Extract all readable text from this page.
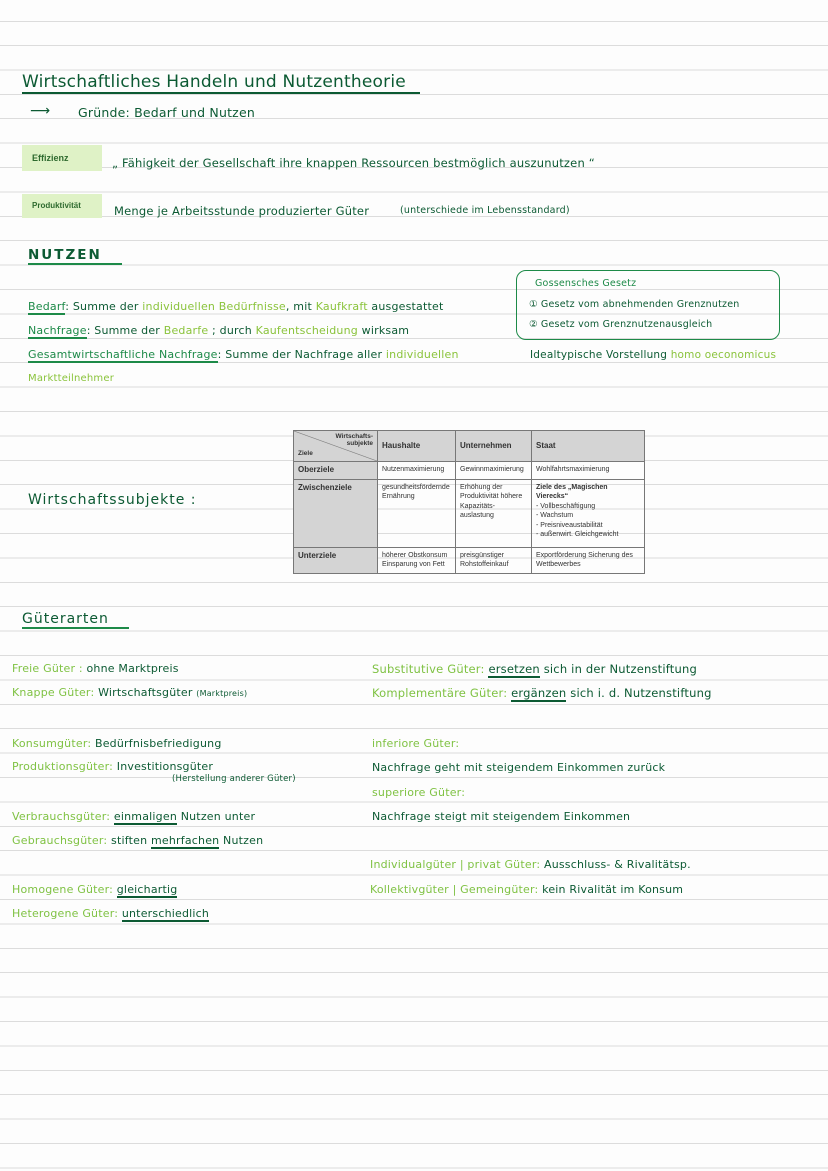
Wirtschaftliches Handeln und Nutzentheorie
⟶ Gründe: Bedarf und Nutzen
Effizienz	„ Fähigkeit der Gesellschaft ihre knappen Ressourcen bestmöglich auszunutzen “
Produktivität	Menge je Arbeitsstunde produzierter Güter	(unterschiede im Lebensstandard)
NUTZEN
Gossensches Gesetz
① Gesetz vom abnehmenden Grenznutzen
② Gesetz vom Grenznutzenausgleich
Bedarf: Summe der individuellen Bedürfnisse, mit Kaufkraft ausgestattet
Nachfrage: Summe der Bedarfe ; durch Kaufentscheidung wirksam
Gesamtwirtschaftliche Nachfrage: Summe der Nachfrage aller individuellen
Marktteilnehmer
Idealtypische Vorstellung homo oeconomicus
Wirtschaftssubjekte :
Wirtschafts-
subjekte
Ziele	Haushalte	Unternehmen	Staat
Oberziele	Nutzenmaximierung	Gewinnmaximierung	Wohlfahrtsmaximierung
Zwischenziele	gesundheitsfördernde Ernährung	Erhöhung der Produktivität höhere Kapazitäts-auslastung	Ziele des „Magischen Vierecks“
- Vollbeschäftigung
- Wachstum
- Preisniveaustabilität
- außenwirt. Gleichgewicht

Unterziele	höherer Obstkonsum Einsparung von Fett	preisgünstiger Rohstoffeinkauf	Exportförderung Sicherung des Wettbewerbes
Güterarten
Freie Güter : ohne Marktpreis
Knappe Güter: Wirtschaftsgüter (Marktpreis)
Konsumgüter: Bedürfnisbefriedigung
Produktionsgüter: Investitionsgüter
(Herstellung anderer Güter)
Verbrauchsgüter: einmaligen Nutzen unter
Gebrauchsgüter: stiften mehrfachen Nutzen
Homogene Güter: gleichartig
Heterogene Güter: unterschiedlich
Substitutive Güter: ersetzen sich in der Nutzenstiftung
Komplementäre Güter: ergänzen sich i. d. Nutzenstiftung
inferiore Güter:
Nachfrage geht mit steigendem Einkommen zurück
superiore Güter:
Nachfrage steigt mit steigendem Einkommen
Individualgüter | privat Güter: Ausschluss- & Rivalitätsp.
Kollektivgüter | Gemeingüter: kein Rivalität im Konsum
